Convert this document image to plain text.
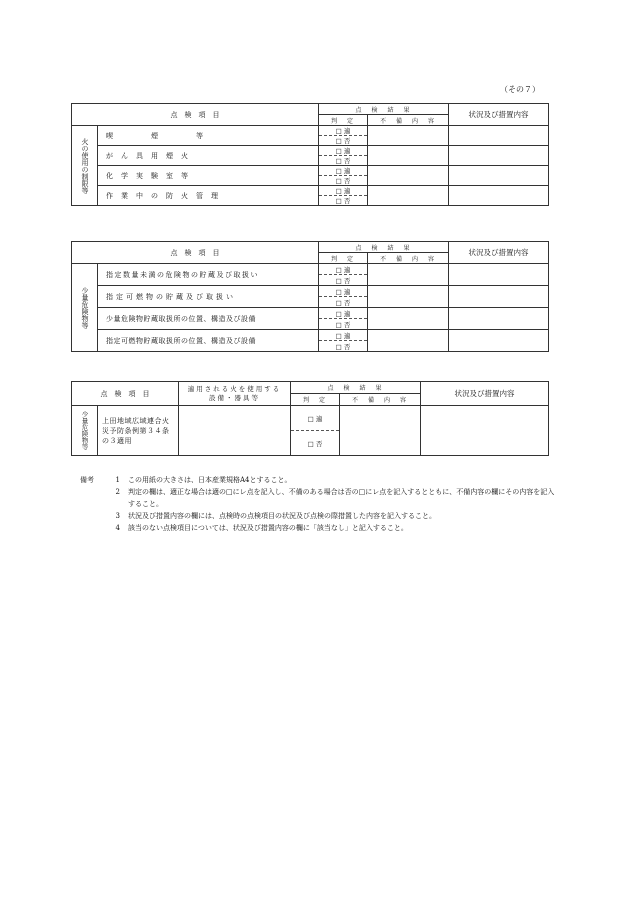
（その７）
点　検　項　目		点　検　結　果		状況及び措置内容
		判　定	不　備　内　容	
火の使用の制限等	喫　　　　　煙　　　　　等	□ 適		
		□ 否		
	が　ん　具　用　煙　火	□ 適		
		□ 否		
	化　学　実　験　室　等	□ 適		
		□ 否		
	作　業　中　の　防　火　管　理	□ 適		
		□ 否		
点　検　項　目		点　検　結　果		状況及び措置内容
		判　定	不　備　内　容	
少量危険物等	指定数量未満の危険物の貯蔵及び取扱い	□ 適		
		□ 否		
	指定可燃物の貯蔵及び取扱い	□ 適		
		□ 否		
	少量危険物貯蔵取扱所の位置、構造及び設備	□ 適		
		□ 否		
	指定可燃物貯蔵取扱所の位置、構造及び設備	□ 適		
		□ 否		
点　検　項　目		適用される火を使用する設備・器具等	点　検　結　果		状況及び措置内容
			判　定	不　備　内　容	
少量危険物等	上田地域広域連合火災予防条例第３４条の３適用		□ 適		
			□ 否		
備考	1	この用紙の大きさは、日本産業規格A4とすること。
2	判定の欄は、適正な場合は適の□にレ点を記入し、不備のある場合は否の□にレ点を記入するとともに、不備内容の欄にその内容を記入すること。
3	状況及び措置内容の欄には、点検時の点検項目の状況及び点検の際措置した内容を記入すること。
4	該当のない点検項目については、状況及び措置内容の欄に「該当なし」と記入すること。
